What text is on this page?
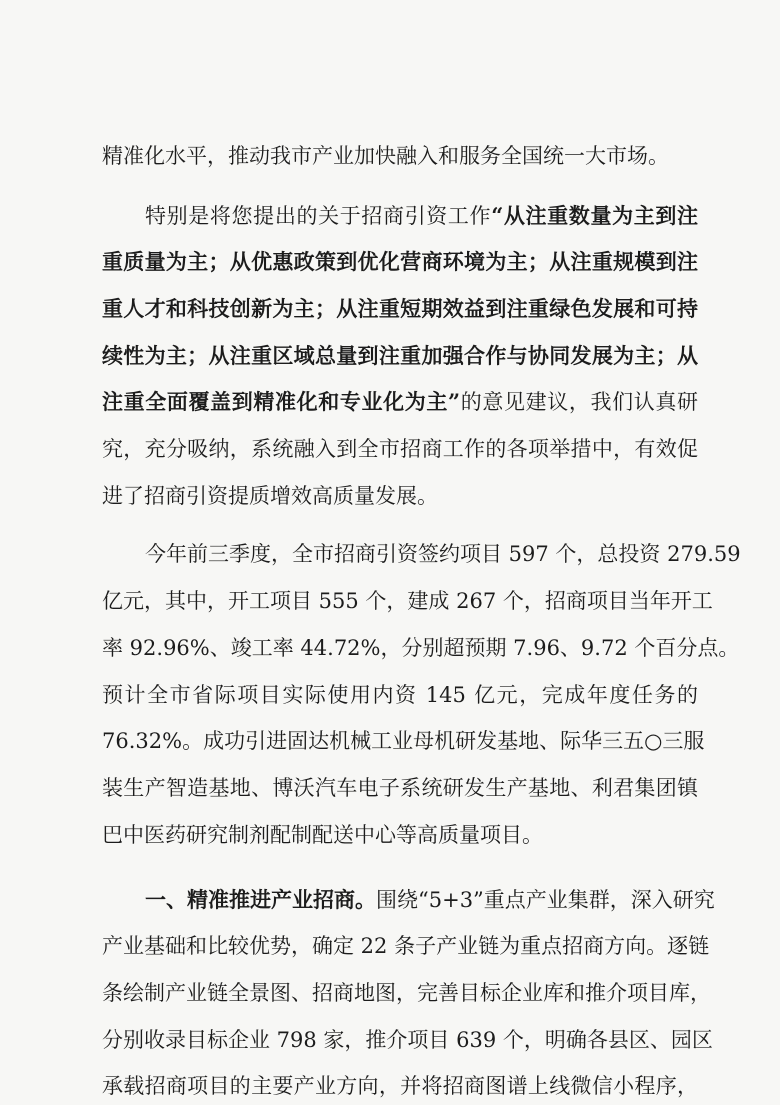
精准化水平，推动我市产业加快融入和服务全国统一大市场。
特别是将您提出的关于招商引资工作“从注重数量为主到注
重质量为主；从优惠政策到优化营商环境为主；从注重规模到注
重人才和科技创新为主；从注重短期效益到注重绿色发展和可持
续性为主；从注重区域总量到注重加强合作与协同发展为主；从
注重全面覆盖到精准化和专业化为主”的意见建议，我们认真研
究，充分吸纳，系统融入到全市招商工作的各项举措中，有效促
进了招商引资提质增效高质量发展。
今年前三季度，全市招商引资签约项目 597 个，总投资 279.59
亿元，其中，开工项目 555 个，建成 267 个，招商项目当年开工
率 92.96%、竣工率 44.72%，分别超预期 7.96、9.72 个百分点。
预计全市省际项目实际使用内资 145 亿元，完成年度任务的
76.32%。成功引进固达机械工业母机研发基地、际华三五○三服
装生产智造基地、博沃汽车电子系统研发生产基地、利君集团镇
巴中医药研究制剂配制配送中心等高质量项目。
一、精准推进产业招商。围绕“5+3”重点产业集群，深入研究
产业基础和比较优势，确定 22 条子产业链为重点招商方向。逐链
条绘制产业链全景图、招商地图，完善目标企业库和推介项目库，
分别收录目标企业 798 家，推介项目 639 个，明确各县区、园区
承载招商项目的主要产业方向，并将招商图谱上线微信小程序，
